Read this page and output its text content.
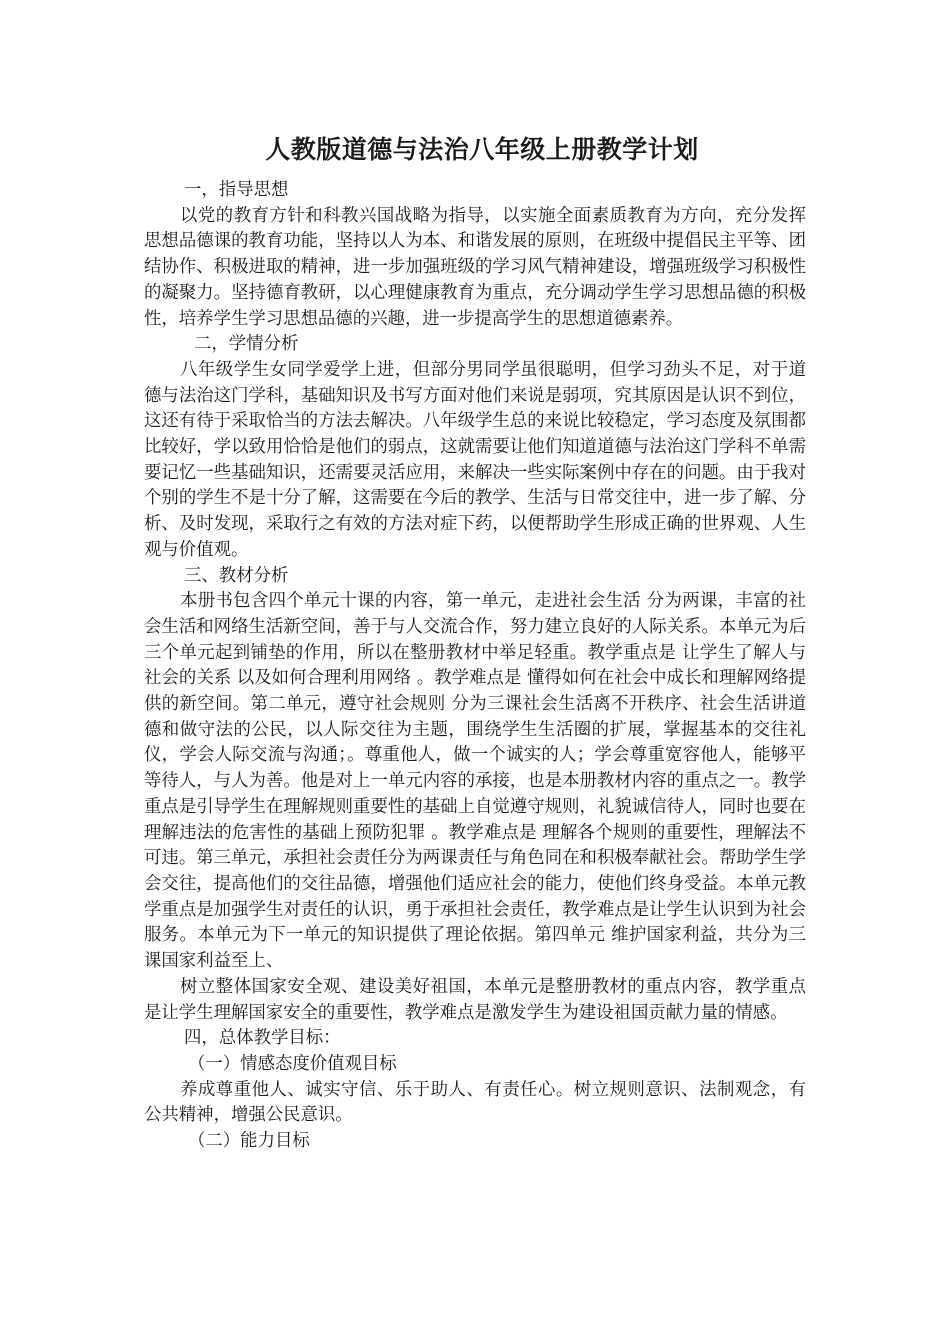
人教版道德与法治八年级上册教学计划

一，指导思想

以党的教育方针和科教兴国战略为指导，以实施全面素质教育为方向，充分发挥思想品德课的教育功能，坚持以人为本、和谐发展的原则，在班级中提倡民主平等、团结协作、积极进取的精神，进一步加强班级的学习风气精神建设，增强班级学习积极性的凝聚力。坚持德育教研，以心理健康教育为重点，充分调动学生学习思想品德的积极性，培养学生学习思想品德的兴趣，进一步提高学生的思想道德素养。

二，学情分析

八年级学生女同学爱学上进，但部分男同学虽很聪明，但学习劲头不足，对于道德与法治这门学科，基础知识及书写方面对他们来说是弱项，究其原因是认识不到位，这还有待于采取恰当的方法去解决。八年级学生总的来说比较稳定，学习态度及氛围都比较好，学以致用恰恰是他们的弱点，这就需要让他们知道道德与法治这门学科不单需要记忆一些基础知识，还需要灵活应用，来解决一些实际案例中存在的问题。由于我对个别的学生不是十分了解，这需要在今后的教学、生活与日常交往中，进一步了解、分析、及时发现，采取行之有效的方法对症下药，以便帮助学生形成正确的世界观、人生观与价值观。

三、教材分析

本册书包含四个单元十课的内容，第一单元，走进社会生活 分为两课，丰富的社会生活和网络生活新空间，善于与人交流合作，努力建立良好的人际关系。本单元为后三个单元起到铺垫的作用，所以在整册教材中举足轻重。教学重点是 让学生了解人与社会的关系 以及如何合理利用网络 。教学难点是 懂得如何在社会中成长和理解网络提供的新空间。第二单元，遵守社会规则 分为三课社会生活离不开秩序、社会生活讲道德和做守法的公民，以人际交往为主题，围绕学生生活圈的扩展，掌握基本的交往礼仪，学会人际交流与沟通；。尊重他人，做一个诚实的人；学会尊重宽容他人，能够平等待人，与人为善。他是对上一单元内容的承接，也是本册教材内容的重点之一。教学重点是引导学生在理解规则重要性的基础上自觉遵守规则，礼貌诚信待人，同时也要在理解违法的危害性的基础上预防犯罪 。教学难点是 理解各个规则的重要性，理解法不可违。第三单元，承担社会责任分为两课责任与角色同在和积极奉献社会。帮助学生学会交往，提高他们的交往品德，增强他们适应社会的能力，使他们终身受益。本单元教学重点是加强学生对责任的认识，勇于承担社会责任，教学难点是让学生认识到为社会服务。本单元为下一单元的知识提供了理论依据。第四单元 维护国家利益，共分为三课国家利益至上、

树立整体国家安全观、建设美好祖国，本单元是整册教材的重点内容，教学重点是让学生理解国家安全的重要性，教学难点是激发学生为建设祖国贡献力量的情感。

四，总体教学目标：

（一）情感态度价值观目标

养成尊重他人、诚实守信、乐于助人、有责任心。树立规则意识、法制观念，有公共精神，增强公民意识。

（二）能力目标
